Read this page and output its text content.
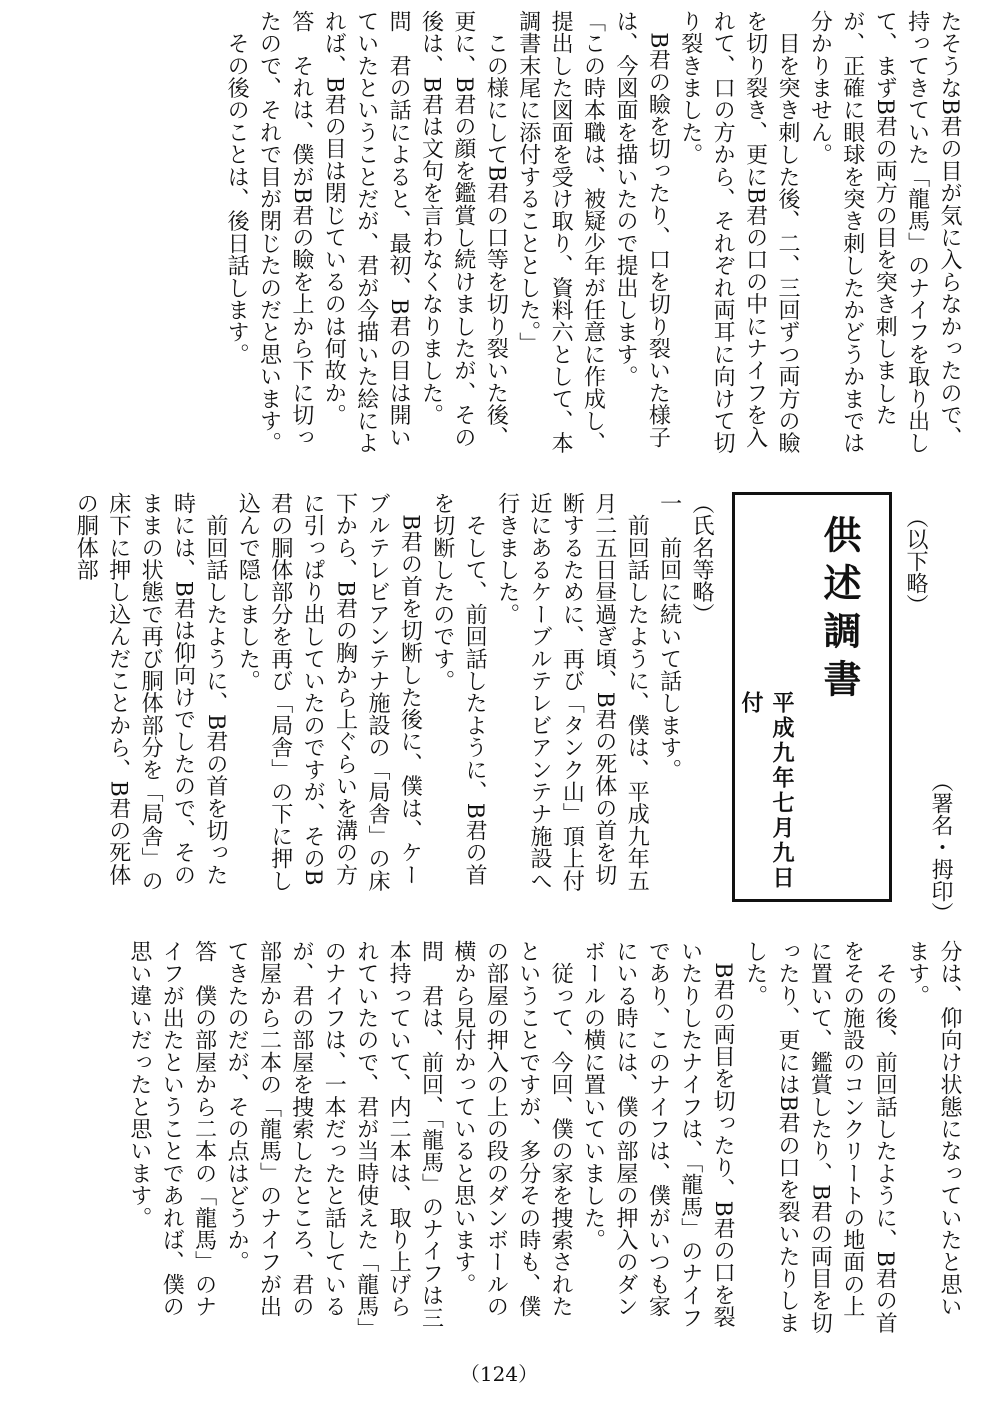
たそうなB君の目が気に入らなかったので、持ってきていた「龍馬」のナイフを取り出して、まずB君の両方の目を突き刺しましたが、正確に眼球を突き刺したかどうかまでは分かりません。
　目を突き刺した後、二、三回ずつ両方の瞼を切り裂き、更にB君の口の中にナイフを入れて、口の方から、それぞれ両耳に向けて切り裂きました。
　B君の瞼を切ったり、口を切り裂いた様子は、今図面を描いたので提出します。
「この時本職は、被疑少年が任意に作成し、提出した図面を受け取り、資料六として、本調書末尾に添付することとした。」
　この様にしてB君の口等を切り裂いた後、更に、B君の顔を鑑賞し続けましたが、その後は、B君は文句を言わなくなりました。
問　君の話によると、最初、B君の目は開いていたということだが、君が今描いた絵によれば、B君の目は閉じているのは何故か。
答　それは、僕がB君の瞼を上から下に切ったので、それで目が閉じたのだと思います。
　その後のことは、後日話します。
（以下略）
（署名・拇印）
供述調書
平成九年七月九日付
（氏名等略）
一　前回に続いて話します。
　前回話したように、僕は、平成九年五月二五日昼過ぎ頃、B君の死体の首を切断するために、再び「タンク山」頂上付近にあるケーブルテレビアンテナ施設へ行きました。
　そして、前回話したように、B君の首を切断したのです。
　B君の首を切断した後に、僕は、ケーブルテレビアンテナ施設の「局舎」の床下から、B君の胸から上ぐらいを溝の方に引っぱり出していたのですが、そのB君の胴体部分を再び「局舎」の下に押し込んで隠しました。
　前回話したように、B君の首を切った時には、B君は仰向けでしたので、そのままの状態で再び胴体部分を「局舎」の床下に押し込んだことから、B君の死体の胴体部
分は、仰向け状態になっていたと思います。
　その後、前回話したように、B君の首をその施設のコンクリートの地面の上に置いて、鑑賞したり、B君の両目を切ったり、更にはB君の口を裂いたりしました。
　B君の両目を切ったり、B君の口を裂いたりしたナイフは、「龍馬」のナイフであり、このナイフは、僕がいつも家にいる時には、僕の部屋の押入のダンボールの横に置いていました。
　従って、今回、僕の家を捜索されたということですが、多分その時も、僕の部屋の押入の上の段のダンボールの横から見付かっていると思います。
問　君は、前回、「龍馬」のナイフは三本持っていて、内二本は、取り上げられていたので、君が当時使えた「龍馬」のナイフは、一本だったと話しているが、君の部屋を捜索したところ、君の部屋から二本の「龍馬」のナイフが出てきたのだが、その点はどうか。
答　僕の部屋から二本の「龍馬」のナイフが出たということであれば、僕の思い違いだったと思います。
（124）
